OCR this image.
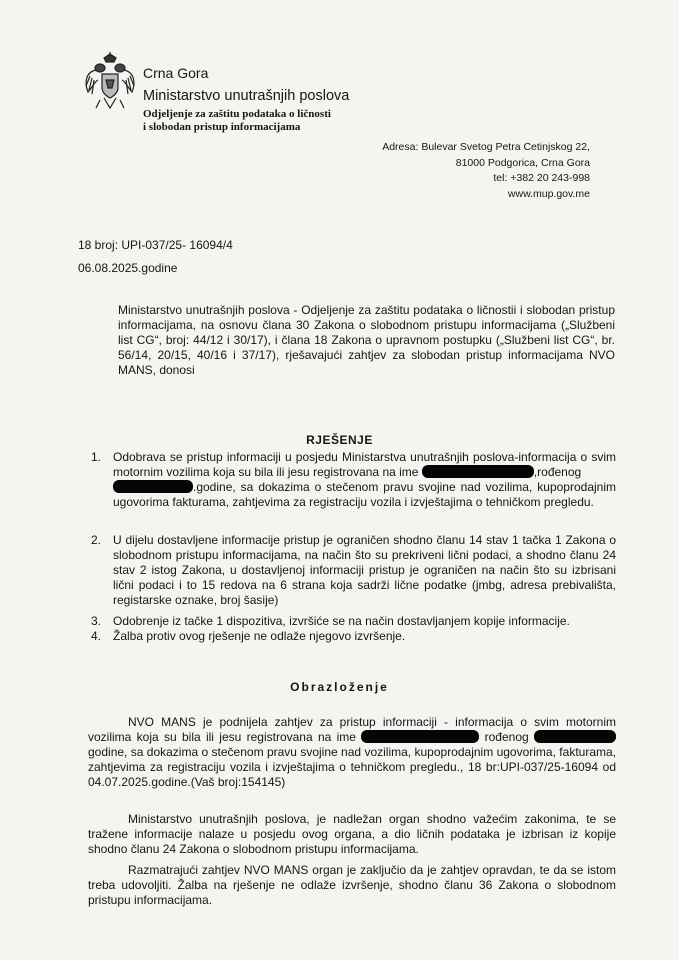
Crna Gora
Ministarstvo unutrašnjih poslova
Odjeljenje za zaštitu podataka o ličnosti
i slobodan pristup informacijama
Adresa: Bulevar Svetog Petra Cetinjskog 22,
81000 Podgorica, Crna Gora
tel: +382 20 243-998
www.mup.gov.me
18 broj: UPI-037/25- 16094/4
06.08.2025.godine
Ministarstvo unutrašnjih poslova - Odjeljenje za zaštitu podataka o ličnostii i slobodan pristup informacijama, na osnovu člana 30 Zakona o slobodnom pristupu informacijama („Službeni list CG“, broj: 44/12 i 30/17), i člana 18 Zakona o upravnom postupku („Službeni list CG“, br. 56/14, 20/15, 40/16 i 37/17), rješavajući zahtjev za slobodan pristup informacijama NVO MANS, donosi
RJEŠENJE
1. Odobrava se pristup informaciji u posjedu Ministarstva unutrašnjih poslova-informacija o svim motornim vozilima koja su bila ili jesu registrovana na ime	,rođenog
.godine, sa dokazima o stečenom pravu svojine nad vozilima, kupoprodajnim ugovorima fakturama, zahtjevima za registraciju vozila i izvještajima o tehničkom pregledu.
2. U dijelu dostavljene informacije pristup je ograničen shodno članu 14 stav 1 tačka 1 Zakona o slobodnom pristupu informacijama, na način što su prekriveni lični podaci, a shodno članu 24 stav 2 istog Zakona, u dostavljenoj informaciji pristup je ograničen na način što su izbrisani lični podaci i to 15 redova na 6 strana koja sadrži lične podatke (jmbg, adresa prebivališta, registarske oznake, broj šasije)
3. Odobrenje iz tačke 1 dispozitiva, izvršiće se na način dostavljanjem kopije informacije.
4. Žalba protiv ovog rješenje ne odlaže njegovo izvršenje.
Obrazloženje
NVO MANS je podnijela zahtjev za pristup informaciji - informacija o svim motornim vozilima koja su bila ili jesu registrovana na ime	rođenog  godine, sa dokazima o stečenom pravu svojine nad vozilima, kupoprodajnim ugovorima, fakturama, zahtjevima za registraciju vozila i izvještajima o tehničkom pregledu., 18 br:UPI-037/25-16094 od 04.07.2025.godine.(Vaš broj:154145)
Ministarstvo unutrašnjih poslova, je nadležan organ shodno važećim zakonima, te se tražene informacije nalaze u posjedu ovog organa, a dio ličnih podataka je izbrisan iz kopije shodno članu 24 Zakona o slobodnom pristupu informacijama.
Razmatrajući zahtjev NVO MANS organ je zaključio da je zahtjev opravdan, te da se istom treba udovoljiti. Žalba na rješenje ne odlaže izvršenje, shodno članu 36 Zakona o slobodnom pristupu informacijama.
